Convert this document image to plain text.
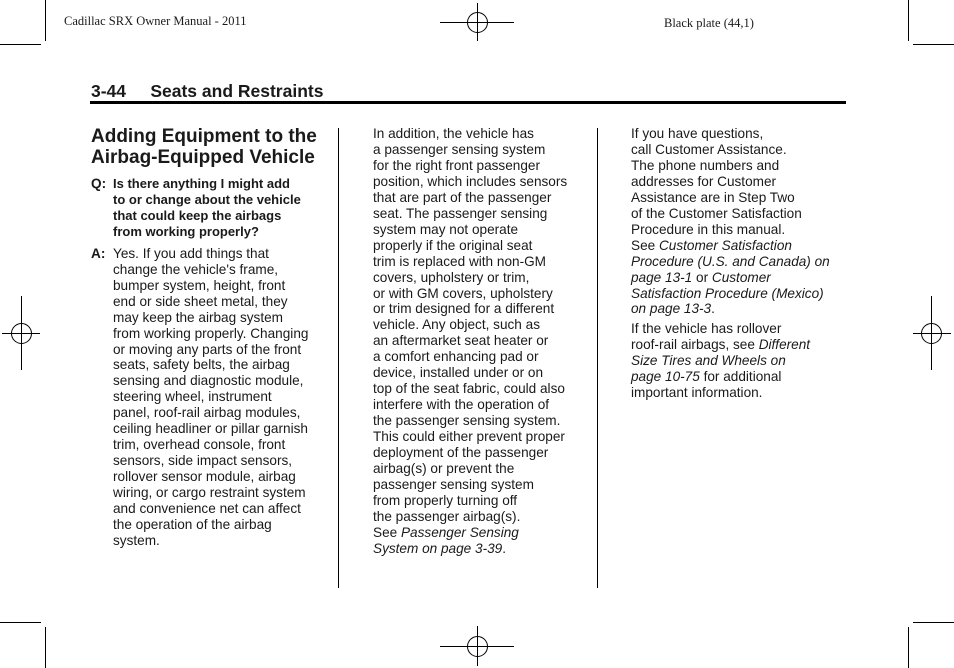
Cadillac SRX Owner Manual - 2011	Black plate (44,1)
3-44 Seats and Restraints
Adding Equipment to the
Airbag-Equipped Vehicle
Q: Is there anything I might add
to or change about the vehicle
that could keep the airbags
from working properly?
A: Yes. If you add things that
change the vehicle's frame,
bumper system, height, front
end or side sheet metal, they
may keep the airbag system
from working properly. Changing
or moving any parts of the front
seats, safety belts, the airbag
sensing and diagnostic module,
steering wheel, instrument
panel, roof-rail airbag modules,
ceiling headliner or pillar garnish
trim, overhead console, front
sensors, side impact sensors,
rollover sensor module, airbag
wiring, or cargo restraint system
and convenience net can affect
the operation of the airbag
system.
In addition, the vehicle has
a passenger sensing system
for the right front passenger
position, which includes sensors
that are part of the passenger
seat. The passenger sensing
system may not operate
properly if the original seat
trim is replaced with non-GM
covers, upholstery or trim,
or with GM covers, upholstery
or trim designed for a different
vehicle. Any object, such as
an aftermarket seat heater or
a comfort enhancing pad or
device, installed under or on
top of the seat fabric, could also
interfere with the operation of
the passenger sensing system.
This could either prevent proper
deployment of the passenger
airbag(s) or prevent the
passenger sensing system
from properly turning off
the passenger airbag(s).
See Passenger Sensing
System on page 3-39.
If you have questions,
call Customer Assistance.
The phone numbers and
addresses for Customer
Assistance are in Step Two
of the Customer Satisfaction
Procedure in this manual.
See Customer Satisfaction
Procedure (U.S. and Canada) on
page 13-1 or Customer
Satisfaction Procedure (Mexico)
on page 13-3.
If the vehicle has rollover
roof-rail airbags, see Different
Size Tires and Wheels on
page 10-75 for additional
important information.
